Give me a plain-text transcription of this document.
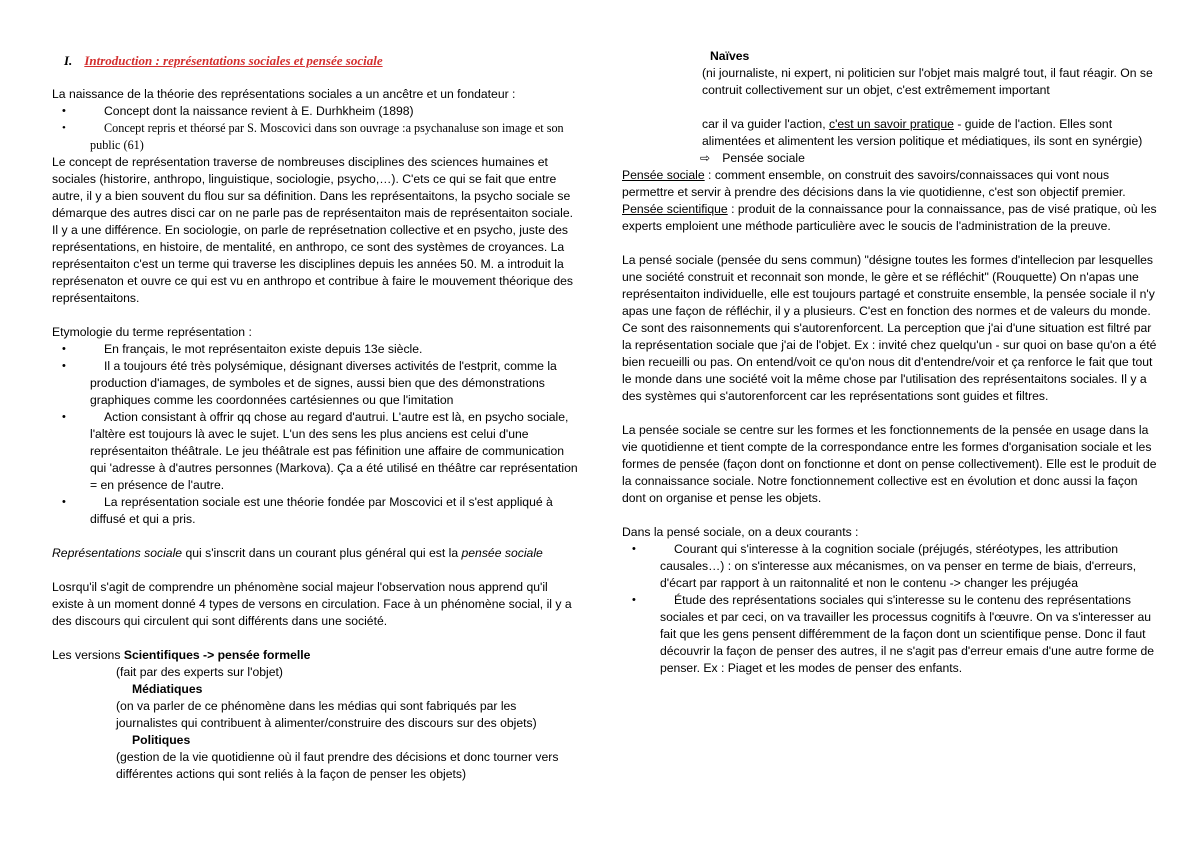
I. Introduction : représentations sociales et pensée sociale

La naissance de la théorie des représentations sociales a un ancêtre et un fondateur :

•	Concept dont la naissance revient à E. Durhkheim (1898)
•	Concept repris et théorsé par S. Moscovici dans son ouvrage :a psychanaluse son image et son public (61)

Le concept de représentation traverse de nombreuses disciplines des sciences humaines et sociales (historire, anthropo, linguistique, sociologie, psycho,…). C'ets ce qui se fait que entre autre, il y a bien souvent du flou sur sa définition. Dans les représentaitons, la psycho sociale se démarque des autres disci car on ne parle pas de représentaiton mais de représentaiton sociale. Il y a une différence. En sociologie, on parle de représetnation collective et en psycho, juste des représentations, en histoire, de mentalité, en anthropo, ce sont des systèmes de croyances. La représentaiton c'est un terme qui traverse les disciplines depuis les années 50. M. a introduit la représenaton et ouvre ce qui est vu en anthropo et contribue à faire le mouvement théorique des représentaitons.

Etymologie du terme représentation :

•	En français, le mot représentaiton existe depuis 13e siècle.
•	Il a toujours été très polysémique, désignant diverses activités de l'estprit, comme la production d'iamages, de symboles et de signes, aussi bien que des démonstrations graphiques comme les coordonnées cartésiennes ou que l'imitation
•	Action consistant à offrir qq chose au regard d'autrui. L'autre est là, en psycho sociale, l'altère est toujours là avec le sujet. L'un des sens les plus anciens est celui d'une représentaiton théâtrale. Le jeu théâtrale est pas féfinition une affaire de communication qui 'adresse à d'autres personnes (Markova). Ça a été utilisé en théâtre car représentation = en présence de l'autre.
•	La représentation sociale est une théorie fondée par Moscovici et il s'est appliqué à diffusé et qui a pris.

Représentations sociale qui s'inscrit dans un courant plus général qui est la pensée sociale

Losrqu'il s'agit de comprendre un phénomène social majeur l'observation nous apprend qu'il existe à un moment donné 4 types de versons en circulation. Face à un phénomène social, il y a des discours qui circulent qui sont différents dans une société.

Les versions Scientifiques -> pensée formelle

(fait par des experts sur l'objet)

Médiatiques

(on va parler de ce phénomène dans les médias qui sont fabriqués par les journalistes qui contribuent à alimenter/construire des discours sur des objets)

Politiques

(gestion de la vie quotidienne où il faut prendre des décisions et donc tourner vers différentes actions qui sont reliés à la façon de penser les objets)

Naïves

(ni journaliste, ni expert, ni politicien sur l'objet mais malgré tout, il faut réagir. On se contruit collectivement sur un objet, c'est extrêmement important

car il va guider l'action, c'est un savoir pratique - guide de l'action. Elles sont alimentées et alimentent les version politique et médiatiques, ils sont en synérgie)

⇨ Pensée sociale

Pensée sociale : comment ensemble, on construit des savoirs/connaissaces qui vont nous permettre et servir à prendre des décisions dans la vie quotidienne, c'est son objectif premier.

Pensée scientifique : produit de la connaissance pour la connaissance, pas de visé pratique, où les experts emploient une méthode particulière avec le soucis de l'administration de la preuve.

La pensé sociale (pensée du sens commun) "désigne toutes les formes d'intellecion par lesquelles une société construit et reconnait son monde, le gère et se réfléchit" (Rouquette) On n'apas une représentaiton individuelle, elle est toujours partagé et construite ensemble, la pensée sociale il n'y apas une façon de réfléchir, il y a plusieurs. C'est en fonction des normes et de valeurs du monde. Ce sont des raisonnements qui s'autorenforcent. La perception que j'ai d'une situation est filtré par la représentation sociale que j'ai de l'objet. Ex : invité chez quelqu'un - sur quoi on base qu'on a été bien recueilli ou pas. On entend/voit ce qu'on nous dit d'entendre/voir et ça renforce le fait que tout le monde dans une société voit la même chose par l'utilisation des représentaitons sociales. Il y a des systèmes qui s'autorenforcent car les représentations sont guides et filtres.

La pensée sociale se centre sur les formes et les fonctionnements de la pensée en usage dans la vie quotidienne et tient compte de la correspondance entre les formes d'organisation sociale et les formes de pensée (façon dont on fonctionne et dont on pense collectivement). Elle est le produit de la connaissance sociale. Notre fonctionnement collective est en évolution et donc aussi la façon dont on organise et pense les objets.

Dans la pensé sociale, on a deux courants :

•	Courant qui s'interesse à la cognition sociale (préjugés, stéréotypes, les attribution causales…) : on s'interesse aux mécanismes, on va penser en terme de biais, d'erreurs, d'écart par rapport à un raitonnalité et non le contenu -> changer les préjugéa
•	Étude des représentations sociales qui s'interesse su le contenu des représentations sociales et par ceci, on va travailler les processus cognitifs à l'œuvre. On va s'interesser au fait que les gens pensent différemment de la façon dont un scientifique pense. Donc il faut découvrir la façon de penser des autres, il ne s'agit pas d'erreur emais d'une autre forme de penser. Ex : Piaget et les modes de penser des enfants.
